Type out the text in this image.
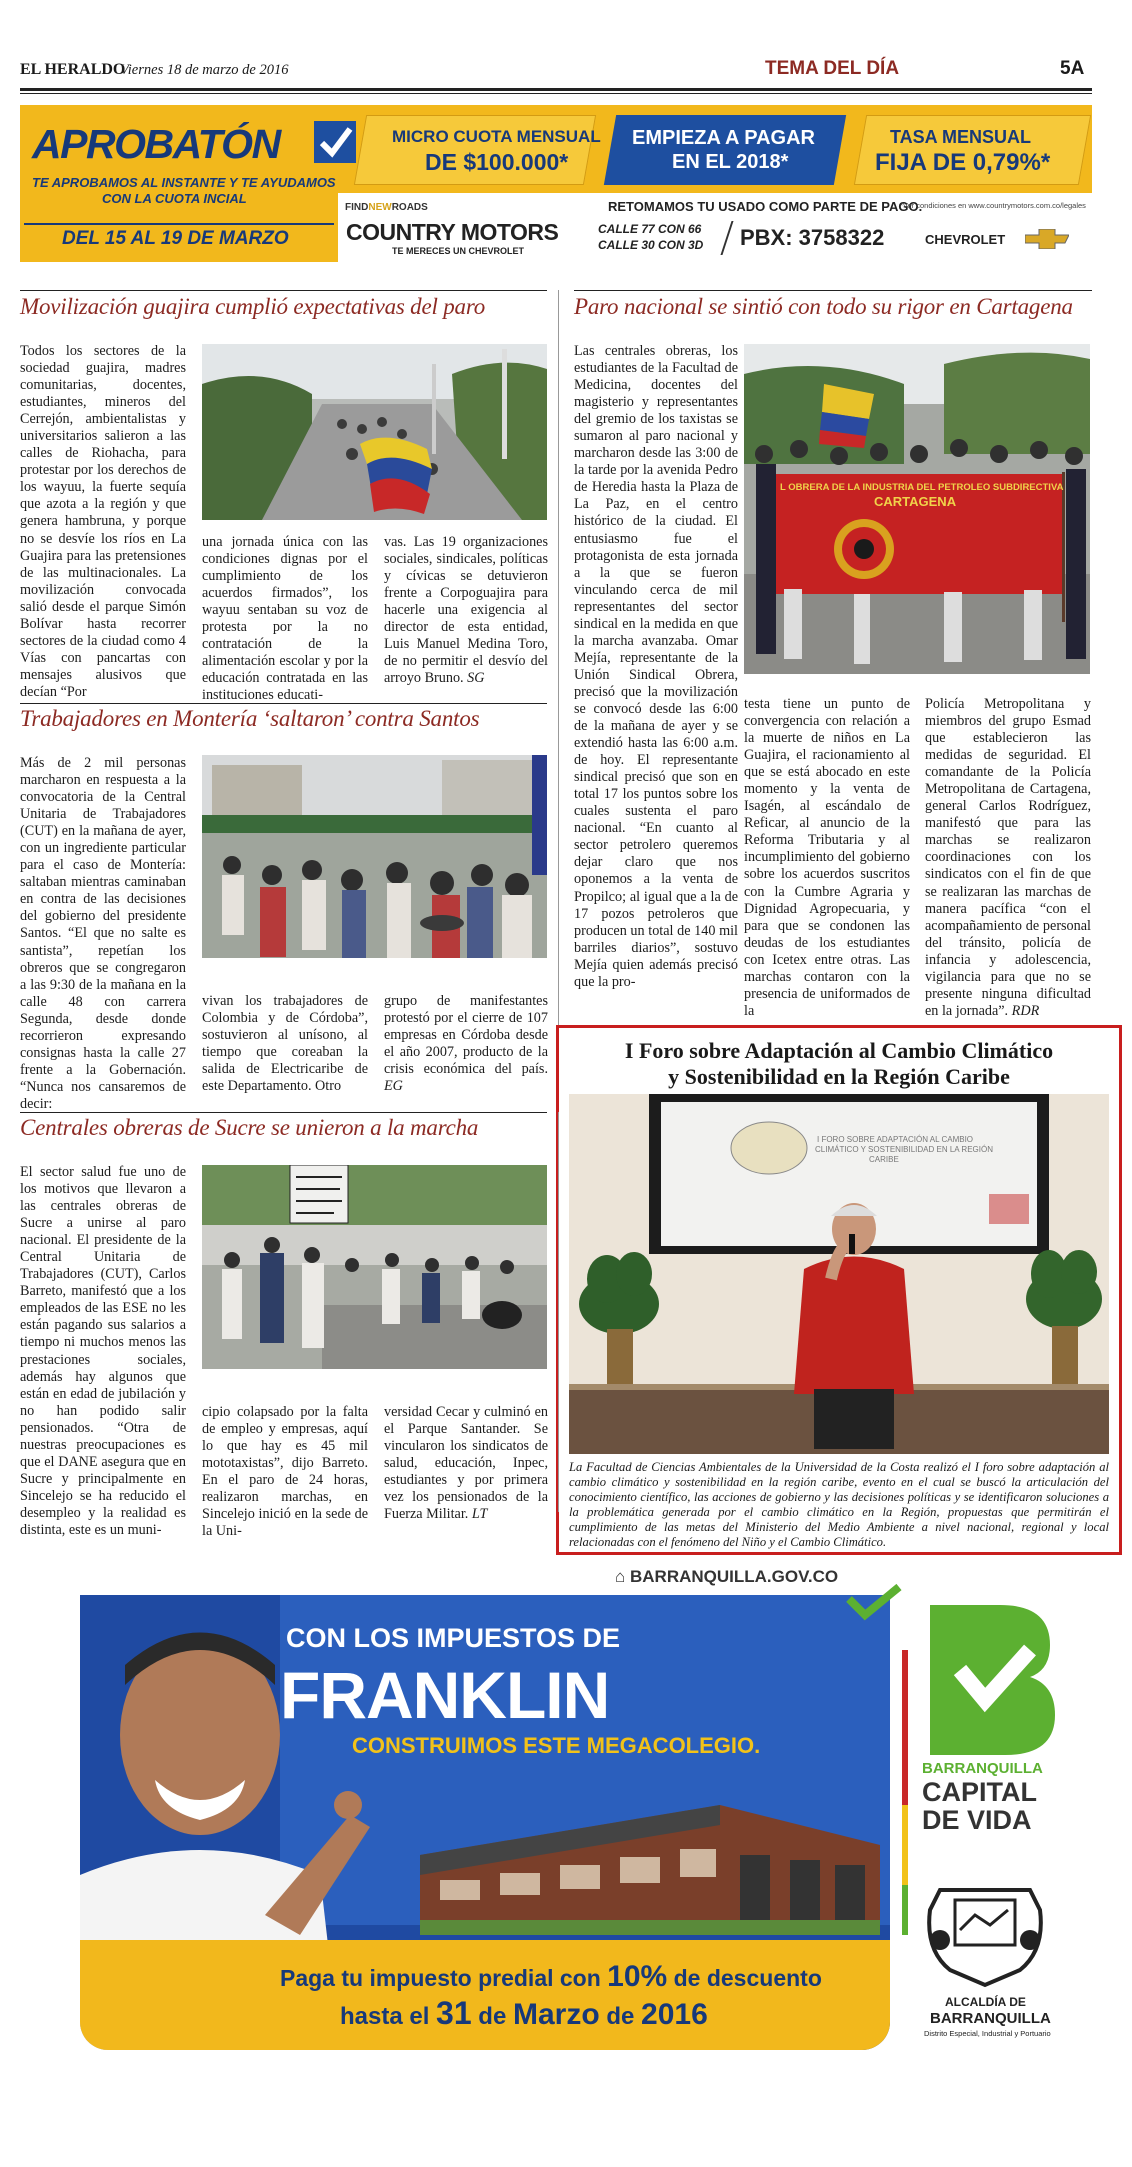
EL HERALDO
Viernes 18 de marzo de 2016	TEMA DEL DÍA	5A
APROBATÓN
TE APROBAMOS AL INSTANTE Y TE AYUDAMOS
CON LA CUOTA INCIAL
DEL 15 AL 19 DE MARZO
MICRO CUOTA MENSUAL
DE $100.000*
EMPIEZA A PAGAR
EN EL 2018*
TASA MENSUAL
FIJA DE 0,79%*
FINDNEWROADS	RETOMAMOS TU USADO COMO PARTE DE PAGO.
*Ver condiciones en www.countrymotors.com.co/legales
COUNTRY MOTORS
TE MERECES UN CHEVROLET
CALLE 77 CON 66
CALLE 30 CON 3D PBX: 3758322	CHEVROLET
Movilización guajira cumplió expectativas del paro
Todos los sectores de la sociedad guajira, madres comunitarias, docentes, estudiantes, mineros del Cerrejón, ambientalistas y universitarios salieron a las calles de Riohacha, para protestar por los derechos de los wayuu, la fuerte sequía que azota a la región y que genera hambruna, y porque no se desvíe los ríos en La Guajira para las pretensiones de las multinacionales. La movilización convocada salió desde el parque Simón Bolívar hasta recorrer sectores de la ciudad como 4 Vías con pancartas con mensajes alusivos que decían “Por
una jornada única con las condiciones dignas por el cumplimiento de los acuerdos firmados”, los wayuu sentaban su voz de protesta por la no contratación de la alimentación escolar y por la educación contratada en las instituciones educati-
vas. Las 19 organizaciones sociales, sindicales, políticas y cívicas se detuvieron frente a Corpoguajira para hacerle una exigencia al director de esta entidad, Luis Manuel Medina Toro, de no permitir el desvío del arroyo Bruno. SG
Trabajadores en Montería ‘saltaron’ contra Santos
Más de 2 mil personas marcharon en respuesta a la convocatoria de la Central Unitaria de Trabajadores (CUT) en la mañana de ayer, con un ingrediente particular para el caso de Montería: saltaban mientras caminaban en contra de las decisiones del gobierno del presidente Santos. “El que no salte es santista”, repetían los obreros que se congregaron a las 9:30 de la mañana en la calle 48 con carrera Segunda, desde donde recorrieron expresando consignas hasta la calle 27 frente a la Gobernación. “Nunca nos cansaremos de decir:
vivan los trabajadores de Colombia y de Córdoba”, sostuvieron al unísono, al tiempo que coreaban la salida de Electricaribe de este Departamento. Otro
grupo de manifestantes protestó por el cierre de 107 empresas en Córdoba desde el año 2007, producto de la crisis económica del país. EG
Centrales obreras de Sucre se unieron a la marcha
El sector salud fue uno de los motivos que llevaron a las centrales obreras de Sucre a unirse al paro nacional. El presidente de la Central Unitaria de Trabajadores (CUT), Carlos Barreto, manifestó que a los empleados de las ESE no les están pagando sus salarios a tiempo ni muchos menos las prestaciones sociales, además hay algunos que están en edad de jubilación y no han podido salir pensionados. “Otra de nuestras preocupaciones es que el DANE asegura que en Sucre y principalmente en Sincelejo se ha reducido el desempleo y la realidad es distinta, este es un muni-
cipio colapsado por la falta de empleo y empresas, aquí lo que hay es 45 mil mototaxistas”, dijo Barreto. En el paro de 24 horas, realizaron marchas, en Sincelejo inició en la sede de la Uni-
versidad Cecar y culminó en el Parque Santander. Se vincularon los sindicatos de salud, educación, Inpec, estudiantes y por primera vez los pensionados de la Fuerza Militar. LT
Paro nacional se sintió con todo su rigor en Cartagena
Las centrales obreras, los estudiantes de la Facultad de Medicina, docentes del magisterio y representantes del gremio de los taxistas se sumaron al paro nacional y marcharon desde las 3:00 de la tarde por la avenida Pedro de Heredia hasta la Plaza de La Paz, en el centro histórico de la ciudad. El entusiasmo fue el protagonista de esta jornada a la que se fueron vinculando cerca de mil representantes del sector sindical en la medida en que la marcha avanzaba. Omar Mejía, representante de la Unión Sindical Obrera, precisó que la movilización se convocó desde las 6:00 de la mañana de ayer y se extendió hasta las 6:00 a.m. de hoy. El representante sindical precisó que son en total 17 los puntos sobre los cuales sustenta el paro nacional. “En cuanto al sector petrolero queremos dejar claro que nos oponemos a la venta de Propilco; al igual que a la de 17 pozos petroleros que producen un total de 140 mil barriles diarios”, sostuvo Mejía quien además precisó que la pro-
L OBRERA DE LA INDUSTRIA DEL PETROLEO SUBDIRECTIVA
CARTAGENA
testa tiene un punto de convergencia con relación a la muerte de niños en La Guajira, el racionamiento al que se está abocado en este momento y la venta de Isagén, al escándalo de Reficar, al anuncio de la Reforma Tributaria y al incumplimiento del gobierno sobre los acuerdos suscritos con la Cumbre Agraria y Dignidad Agropecuaria, y para que se condonen las deudas de los estudiantes con Icetex entre otras. Las marchas contaron con la presencia de uniformados de la
Policía Metropolitana y miembros del grupo Esmad que establecieron las medidas de seguridad. El comandante de la Policía Metropolitana de Cartagena, general Carlos Rodríguez, manifestó que para las marchas se realizaron coordinaciones con los sindicatos con el fin de que se realizaran las marchas de manera pacífica “con el acompañamiento de personal del tránsito, policía de infancia y adolescencia, vigilancia para que no se presente ninguna dificultad en la jornada”. RDR
I Foro sobre Adaptación al Cambio Climático
y Sostenibilidad en la Región Caribe
I FORO SOBRE ADAPTACIÓN AL CAMBIO
CLIMÁTICO Y SOSTENIBILIDAD EN LA REGIÓN
CARIBE
La Facultad de Ciencias Ambientales de la Universidad de la Costa realizó el I foro sobre adaptación al cambio climático y sostenibilidad en la región caribe, evento en el cual se buscó la articulación del conocimiento científico, las acciones de gobierno y las decisiones políticas y se identificaron soluciones a la problemática generada por el cambio climático en la Región, propuestas que permitirán el cumplimiento de las metas del Ministerio del Medio Ambiente a nivel nacional, regional y local relacionadas con el fenómeno del Niño y el Cambio Climático.
⌂ BARRANQUILLA.GOV.CO
CON LOS IMPUESTOS DE
FRANKLIN
CONSTRUIMOS ESTE MEGACOLEGIO.
Paga tu impuesto predial con 10% de descuento
hasta el 31 de Marzo de 2016
BARRANQUILLA
CAPITAL
DE VIDA
ALCALDÍA DE
BARRANQUILLA
Distrito Especial, Industrial y Portuario
